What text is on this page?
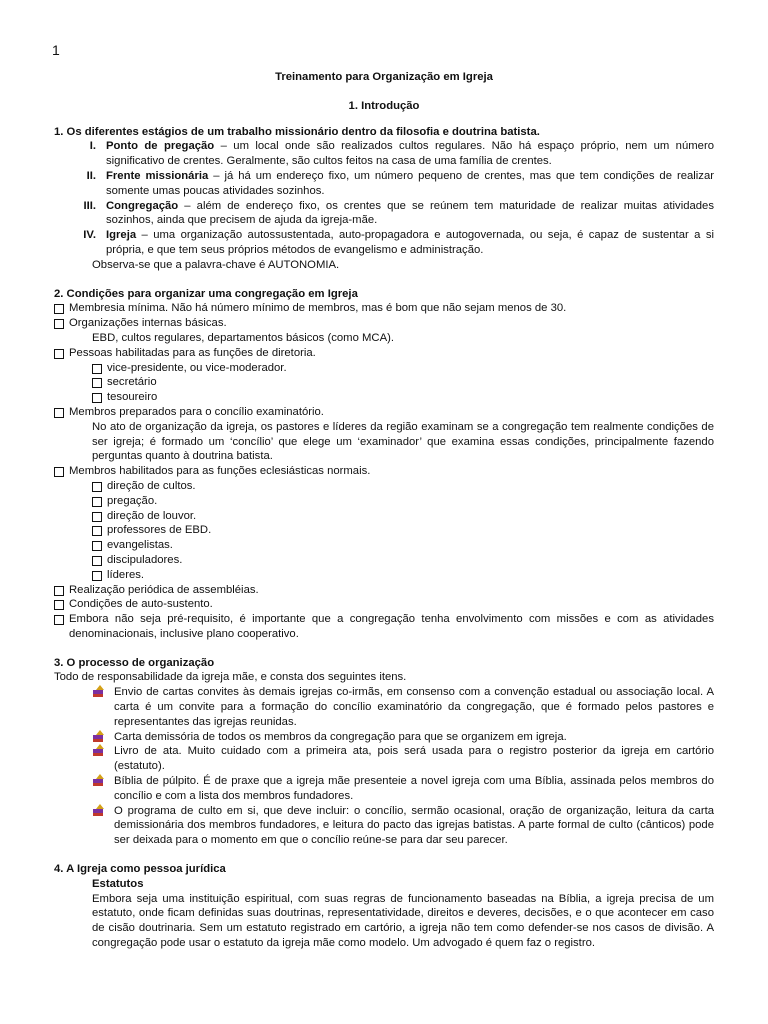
1

Treinamento para Organização em Igreja

1. Introdução

1. Os diferentes estágios de um trabalho missionário dentro da filosofia e doutrina batista.

I. Ponto de pregação – um local onde são realizados cultos regulares. Não há espaço próprio, nem um número significativo de crentes. Geralmente, são cultos feitos na casa de uma família de crentes.
II. Frente missionária – já há um endereço fixo, um número pequeno de crentes, mas que tem condições de realizar somente umas poucas atividades sozinhos.
III. Congregação – além de endereço fixo, os crentes que se reúnem tem maturidade de realizar muitas atividades sozinhos, ainda que precisem de ajuda da igreja-mãe.
IV. Igreja – uma organização autossustentada, auto-propagadora e autogovernada, ou seja, é capaz de sustentar a si própria, e que tem seus próprios métodos de evangelismo e administração.

Observa-se que a palavra-chave é AUTONOMIA.

2. Condições para organizar uma congregação em Igreja

Membresia mínima. Não há número mínimo de membros, mas é bom que não sejam menos de 30.
Organizações internas básicas.

EBD, cultos regulares, departamentos básicos (como MCA).

Pessoas habilitadas para as funções de diretoria.
vice-presidente, ou vice-moderador.
secretário
tesoureiro
Membros preparados para o concílio examinatório.

No ato de organização da igreja, os pastores e líderes da região examinam se a congregação tem realmente condições de ser igreja; é formado um ‘concílio’ que elege um ‘examinador’ que examina essas condições, principalmente fazendo perguntas quanto à doutrina batista.

Membros habilitados para as funções eclesiásticas normais.
direção de cultos.
pregação.
direção de louvor.
professores de EBD.
evangelistas.
discipuladores.
líderes.
Realização periódica de assembléias.
Condições de auto-sustento.
Embora não seja pré-requisito, é importante que a congregação tenha envolvimento com missões e com as atividades denominacionais, inclusive plano cooperativo.

3. O processo de organização

Todo de responsabilidade da igreja mãe, e consta dos seguintes itens.

Envio de cartas convites às demais igrejas co-irmãs, em consenso com a convenção estadual ou associação local. A carta é um convite para a formação do concílio examinatório da congregação, que é formado pelos pastores e representantes das igrejas reunidas.
Carta demissória de todos os membros da congregação para que se organizem em igreja.
Livro de ata. Muito cuidado com a primeira ata, pois será usada para o registro posterior da igreja em cartório (estatuto).
Bíblia de púlpito. É de praxe que a igreja mãe presenteie a novel igreja com uma Bíblia, assinada pelos membros do concílio e com a lista dos membros fundadores.
O programa de culto em si, que deve incluir: o concílio, sermão ocasional, oração de organização, leitura da carta demissionária dos membros fundadores, e leitura do pacto das igrejas batistas. A parte formal de culto (cânticos) pode ser deixada para o momento em que o concílio reúne-se para dar seu parecer.

4. A Igreja como pessoa jurídica

Estatutos

Embora seja uma instituição espiritual, com suas regras de funcionamento baseadas na Bíblia, a igreja precisa de um estatuto, onde ficam definidas suas doutrinas, representatividade, direitos e deveres, decisões, e o que acontecer em caso de cisão doutrinaria. Sem um estatuto registrado em cartório, a igreja não tem como defender-se nos casos de divisão. A congregação pode usar o estatuto da igreja mãe como modelo. Um advogado é quem faz o registro.
